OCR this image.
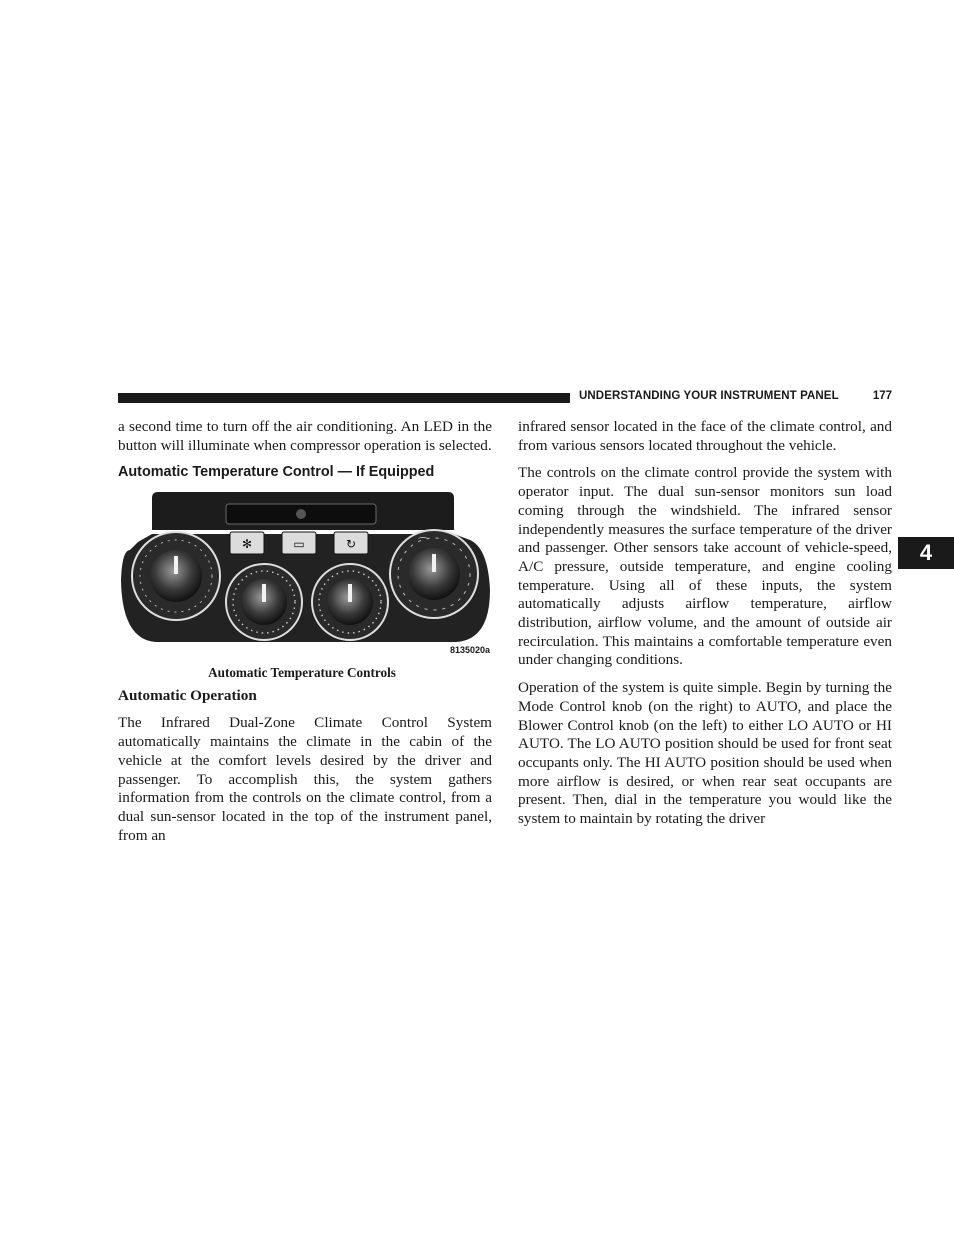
UNDERSTANDING YOUR INSTRUMENT PANEL	177
4

a second time to turn off the air conditioning. An LED in the button will illuminate when compressor operation is selected.

Automatic Temperature Control — If Equipped
✻	▭	↻	⌒
8135020a
Automatic Temperature Controls
Automatic Operation

The Infrared Dual-Zone Climate Control System automatically maintains the climate in the cabin of the vehicle at the comfort levels desired by the driver and passenger. To accomplish this, the system gathers information from the controls on the climate control, from a dual sun-sensor located in the top of the instrument panel, from an

infrared sensor located in the face of the climate control, and from various sensors located throughout the vehicle.

The controls on the climate control provide the system with operator input. The dual sun-sensor monitors sun load coming through the windshield. The infrared sensor independently measures the surface temperature of the driver and passenger. Other sensors take account of vehicle-speed, A/C pressure, outside temperature, and engine cooling temperature. Using all of these inputs, the system automatically adjusts airflow temperature, airflow distribution, airflow volume, and the amount of outside air recirculation. This maintains a comfortable temperature even under changing conditions.

Operation of the system is quite simple. Begin by turning the Mode Control knob (on the right) to AUTO, and place the Blower Control knob (on the left) to either LO AUTO or HI AUTO. The LO AUTO position should be used for front seat occupants only. The HI AUTO position should be used when more airflow is desired, or when rear seat occupants are present. Then, dial in the temperature you would like the system to maintain by rotating the driver
